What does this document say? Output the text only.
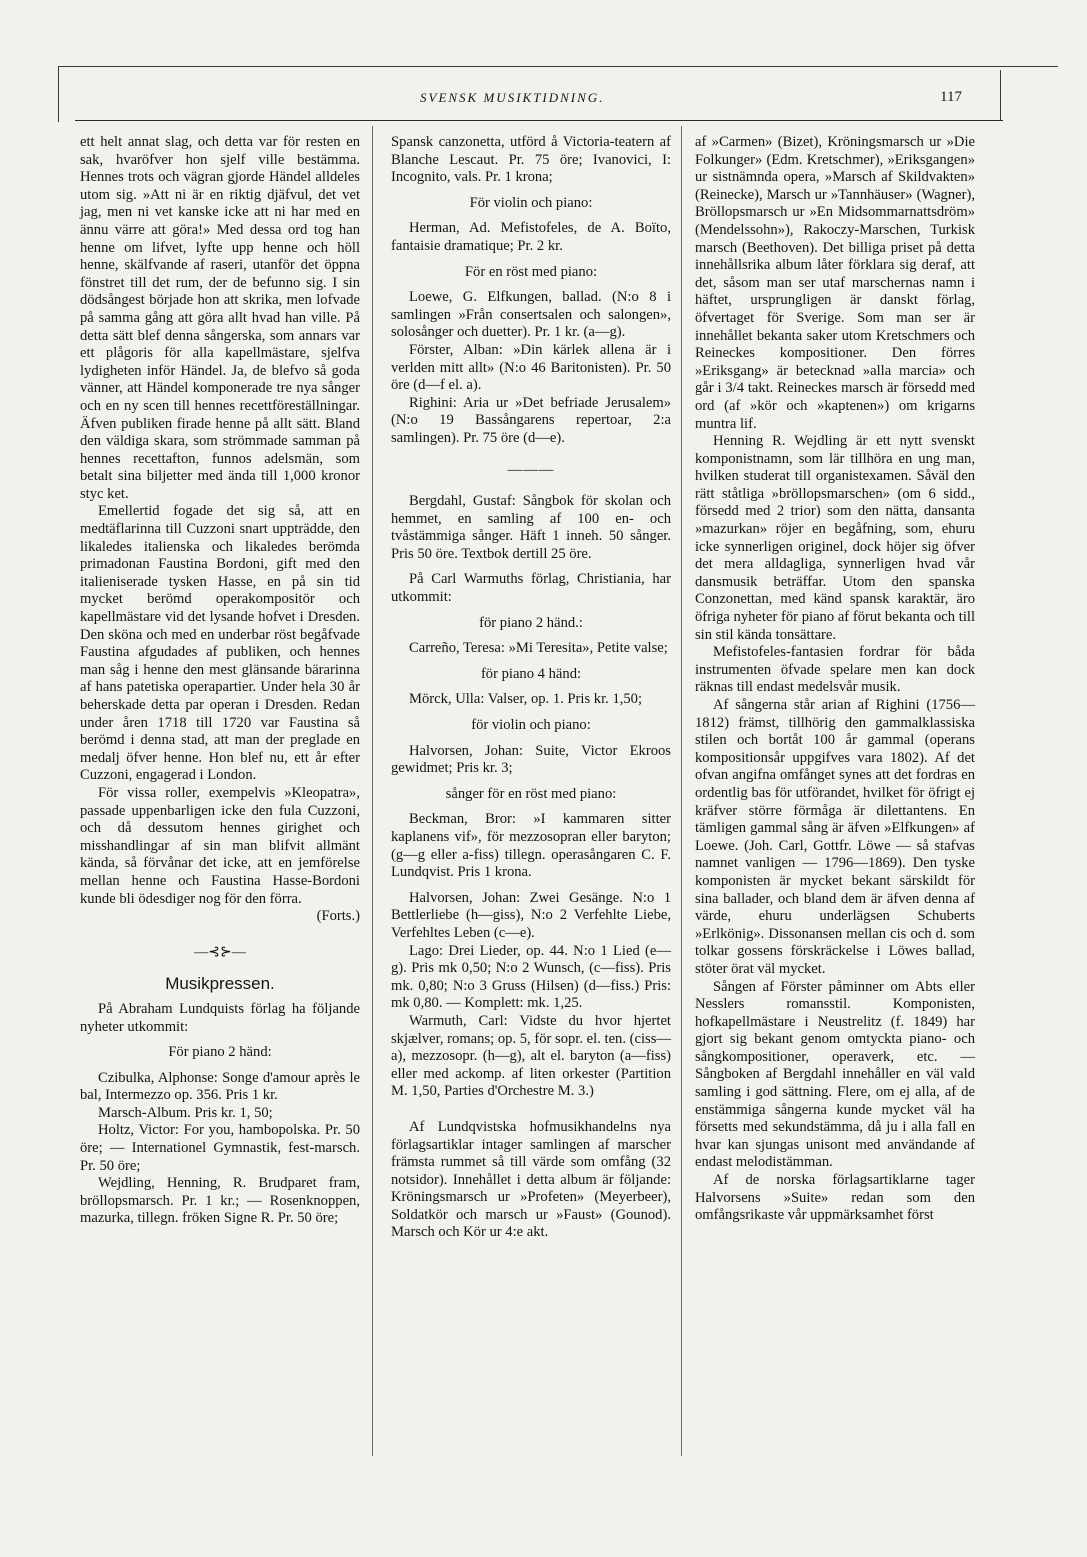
SVENSK MUSIKTIDNING.	117

ett helt annat slag, och detta var för resten en sak, hvaröfver hon sjelf ville bestämma. Hennes trots och vägran gjorde Händel alldeles utom sig. »Att ni är en riktig djäfvul, det vet jag, men ni vet kanske icke att ni har med en ännu värre att göra!» Med dessa ord tog han henne om lifvet, lyfte upp henne och höll henne, skälfvande af raseri, utanför det öppna fönstret till det rum, der de befunno sig. I sin dödsångest började hon att skrika, men lofvade på samma gång att göra allt hvad han ville. På detta sätt blef denna sångerska, som annars var ett plågoris för alla kapellmästare, sjelfva lydigheten inför Händel. Ja, de blefvo så goda vänner, att Händel komponerade tre nya sånger och en ny scen till hennes recettföreställningar. Äfven publiken firade henne på allt sätt. Bland den väldiga skara, som strömmade samman på hennes recettafton, funnos adelsmän, som betalt sina biljetter med ända till 1,000 kronor styc ket.

Emellertid fogade det sig så, att en medtäflarinna till Cuzzoni snart uppträdde, den likaledes italienska och likaledes berömda primadonan Faustina Bordoni, gift med den italieniserade tysken Hasse, en på sin tid mycket berömd operakompositör och kapellmästare vid det lysande hofvet i Dresden. Den sköna och med en underbar röst begåfvade Faustina afgudades af publiken, och hennes man såg i henne den mest glänsande bärarinna af hans patetiska operapartier. Under hela 30 år beherskade detta par operan i Dresden. Redan under åren 1718 till 1720 var Faustina så berömd i denna stad, att man der preglade en medalj öfver henne. Hon blef nu, ett år efter Cuzzoni, engagerad i London.

För vissa roller, exempelvis »Kleopatra», passade uppenbarligen icke den fula Cuzzoni, och då dessutom hennes girighet och misshandlingar af sin man blifvit allmänt kända, så förvånar det icke, att en jemförelse mellan henne och Faustina Hasse-Bordoni kunde bli ödesdiger nog för den förra.

(Forts.)

—⊰⊱—
Musikpressen.

På Abraham Lundquists förlag ha följande nyheter utkommit:

För piano 2 händ:

Czibulka, Alphonse: Songe d'amour après le bal, Intermezzo op. 356. Pris 1 kr.

Marsch-Album. Pris kr. 1, 50;

Holtz, Victor: For you, hambopolska. Pr. 50 öre; — Internationel Gymnastik, fest-marsch. Pr. 50 öre;

Wejdling, Henning, R. Brudparet fram, bröllopsmarsch. Pr. 1 kr.; — Rosenknoppen, mazurka, tillegn. fröken Signe R. Pr. 50 öre;

Spansk canzonetta, utförd å Victoria-teatern af Blanche Lescaut. Pr. 75 öre; Ivanovici, I: Incognito, vals. Pr. 1 krona;

För violin och piano:

Herman, Ad. Mefistofeles, de A. Boïto, fantaisie dramatique; Pr. 2 kr.

För en röst med piano:

Loewe, G. Elfkungen, ballad. (N:o 8 i samlingen »Från consertsalen och salongen», solosånger och duetter). Pr. 1 kr. (a—g).

Förster, Alban: »Din kärlek allena är i verlden mitt allt» (N:o 46 Baritonisten). Pr. 50 öre (d—f el. a).

Righini: Aria ur »Det befriade Jerusalem» (N:o 19 Bassångarens repertoar, 2:a samlingen). Pr. 75 öre (d—e).

———

Bergdahl, Gustaf: Sångbok för skolan och hemmet, en samling af 100 en- och tvåstämmiga sånger. Häft 1 inneh. 50 sånger. Pris 50 öre. Textbok dertill 25 öre.

På Carl Warmuths förlag, Christiania, har utkommit:

för piano 2 händ.:

Carreño, Teresa: »Mi Teresita», Petite valse;

för piano 4 händ:

Mörck, Ulla: Valser, op. 1. Pris kr. 1,50;

för violin och piano:

Halvorsen, Johan: Suite, Victor Ekroos gewidmet; Pris kr. 3;

sånger för en röst med piano:

Beckman, Bror: »I kammaren sitter kaplanens vif», för mezzosopran eller baryton; (g—g eller a-fiss) tillegn. operasångaren C. F. Lundqvist. Pris 1 krona.

Halvorsen, Johan: Zwei Gesänge. N:o 1 Bettlerliebe (h—giss), N:o 2 Verfehlte Liebe, Verfehltes Leben (c—e).

Lago: Drei Lieder, op. 44. N:o 1 Lied (e—g). Pris mk 0,50; N:o 2 Wunsch, (c—fiss). Pris mk. 0,80; N:o 3 Gruss (Hilsen) (d—fiss.) Pris: mk 0,80. — Komplett: mk. 1,25.

Warmuth, Carl: Vidste du hvor hjertet skjælver, romans; op. 5, för sopr. el. ten. (ciss—a), mezzosopr. (h—g), alt el. baryton (a—fiss) eller med ackomp. af liten orkester (Partition M. 1,50, Parties d'Orchestre M. 3.)

Af Lundqvistska hofmusikhandelns nya förlagsartiklar intager samlingen af marscher främsta rummet så till värde som omfång (32 notsidor). Innehållet i detta album är följande: Kröningsmarsch ur »Profeten» (Meyerbeer), Soldatkör och marsch ur »Faust» (Gounod). Marsch och Kör ur 4:e akt.

af »Carmen» (Bizet), Kröningsmarsch ur »Die Folkunger» (Edm. Kretschmer), »Eriksgangen» ur sistnämnda opera, »Marsch af Skildvakten» (Reinecke), Marsch ur »Tannhäuser» (Wagner), Bröllopsmarsch ur »En Midsommarnattsdröm» (Mendelssohn»), Rakoczy-Marschen, Turkisk marsch (Beethoven). Det billiga priset på detta innehållsrika album låter förklara sig deraf, att det, såsom man ser utaf marschernas namn i häftet, ursprungligen är danskt förlag, öfvertaget för Sverige. Som man ser är innehållet bekanta saker utom Kretschmers och Reineckes kompositioner. Den förres »Eriksgang» är betecknad »alla marcia» och går i 3/4 takt. Reineckes marsch är försedd med ord (af »kör och »kaptenen») om krigarns muntra lif.

Henning R. Wejdling är ett nytt svenskt komponistnamn, som lär tillhöra en ung man, hvilken studerat till organistexamen. Såväl den rätt ståtliga »bröllopsmarschen» (om 6 sidd., försedd med 2 trior) som den nätta, dansanta »mazurkan» röjer en begåfning, som, ehuru icke synnerligen originel, dock höjer sig öfver det mera alldagliga, synnerligen hvad vår dansmusik beträffar. Utom den spanska Conzonettan, med känd spansk karaktär, äro öfriga nyheter för piano af förut bekanta och till sin stil kända tonsättare.

Mefistofeles-fantasien fordrar för båda instrumenten öfvade spelare men kan dock räknas till endast medelsvår musik.

Af sångerna står arian af Righini (1756—1812) främst, tillhörig den gammalklassiska stilen och bortåt 100 år gammal (operans kompositionsår uppgifves vara 1802). Af det ofvan angifna omfånget synes att det fordras en ordentlig bas för utförandet, hvilket för öfrigt ej kräfver större förmåga är dilettantens. En tämligen gammal sång är äfven »Elfkungen» af Loewe. (Joh. Carl, Gottfr. Löwe — så stafvas namnet vanligen — 1796—1869). Den tyske komponisten är mycket bekant särskildt för sina ballader, och bland dem är äfven denna af värde, ehuru underlägsen Schuberts »Erlkönig». Dissonansen mellan cis och d. som tolkar gossens förskräckelse i Löwes ballad, stöter örat väl mycket.

Sången af Förster påminner om Abts eller Nesslers romansstil. Komponisten, hofkapellmästare i Neustrelitz (f. 1849) har gjort sig bekant genom omtyckta piano- och sångkompositioner, operaverk, etc. — Sångboken af Bergdahl innehåller en väl vald samling i god sättning. Flere, om ej alla, af de enstämmiga sångerna kunde mycket väl ha försetts med sekundstämma, då ju i alla fall en hvar kan sjungas unisont med användande af endast melodistämman.

Af de norska förlagsartiklarne tager Halvorsens »Suite» redan som den omfångsrikaste vår uppmärksamhet först
